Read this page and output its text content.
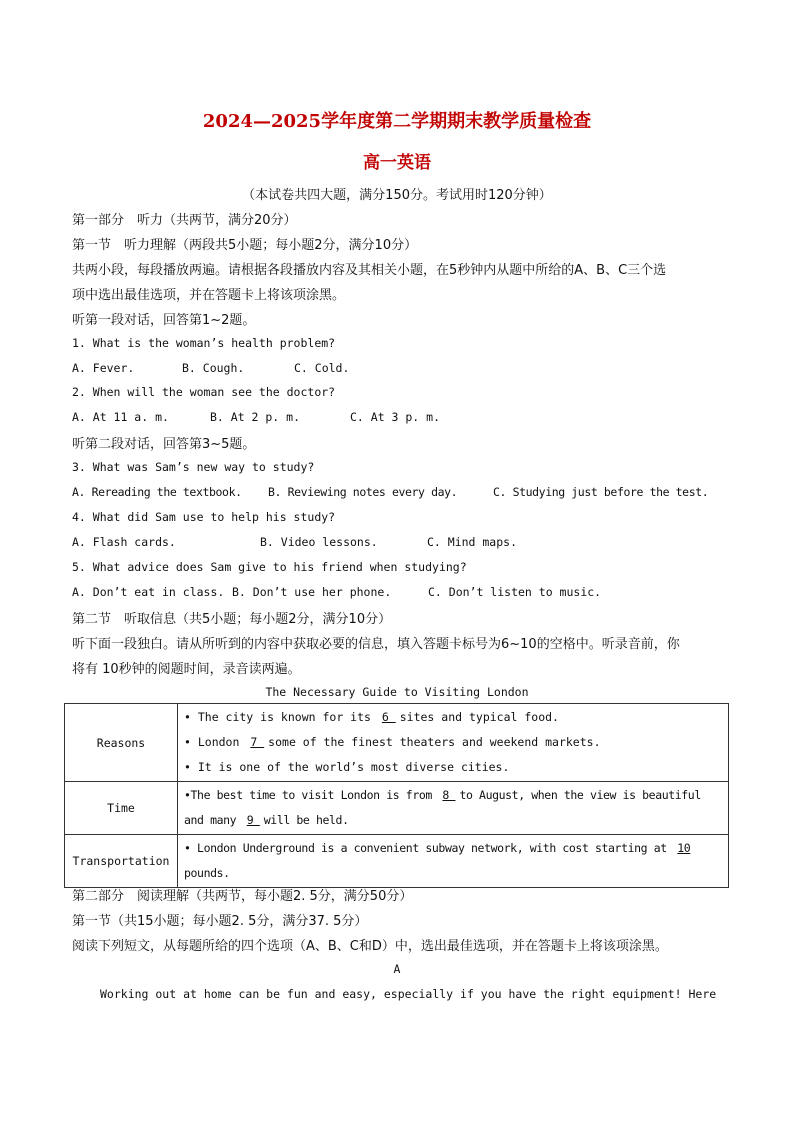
2024—2025学年度第二学期期末教学质量检查
高一英语
（本试卷共四大题，满分150分。考试用时120分钟）
第一部分　听力（共两节，满分20分）
第一节　听力理解（两段共5小题；每小题2分，满分10分）
共两小段，每段播放两遍。请根据各段播放内容及其相关小题，在5秒钟内从题中所给的A、B、C三个选
项中选出最佳选项，并在答题卡上将该项涂黑。
听第一段对话，回答第1~2题。
1. What is the woman’s health problem?
A. Fever.	B. Cough.	C. Cold.
2. When will the woman see the doctor?
A. At 11 a. m.	B. At 2 p. m.	C. At 3 p. m.
听第二段对话，回答第3~5题。
3. What was Sam’s new way to study?
A. Rereading the textbook.	B. Reviewing notes every day.	C. Studying just before the test.
4. What did Sam use to help his study?
A. Flash cards.	B. Video lessons.	C. Mind maps.
5. What advice does Sam give to his friend when studying?
A. Don’t eat in class. B. Don’t use her phone.	C. Don’t listen to music.
第二节　听取信息（共5小题；每小题2分，满分10分）
听下面一段独白。请从所听到的内容中获取必要的信息，填入答题卡标号为6~10的空格中。听录音前，你
将有 10秒钟的阅题时间，录音读两遍。
The Necessary Guide to Visiting London
Reasons	• The city is known for its 6 sites and typical food.
• London 7 some of the finest theaters and weekend markets.
• It is one of the world’s most diverse cities.

Time	•The best time to visit London is from 8 to August, when the view is beautiful
and many 9 will be held.

Transportation	• London Underground is a convenient subway network, with cost starting at 10
pounds.
第二部分　阅读理解（共两节，每小题2. 5分，满分50分）
第一节（共15小题；每小题2. 5分，满分37. 5分）
阅读下列短文，从每题所给的四个选项（A、B、C和D）中，选出最佳选项，并在答题卡上将该项涂黑。
A
Working out at home can be fun and easy, especially if you have the right equipment! Here
